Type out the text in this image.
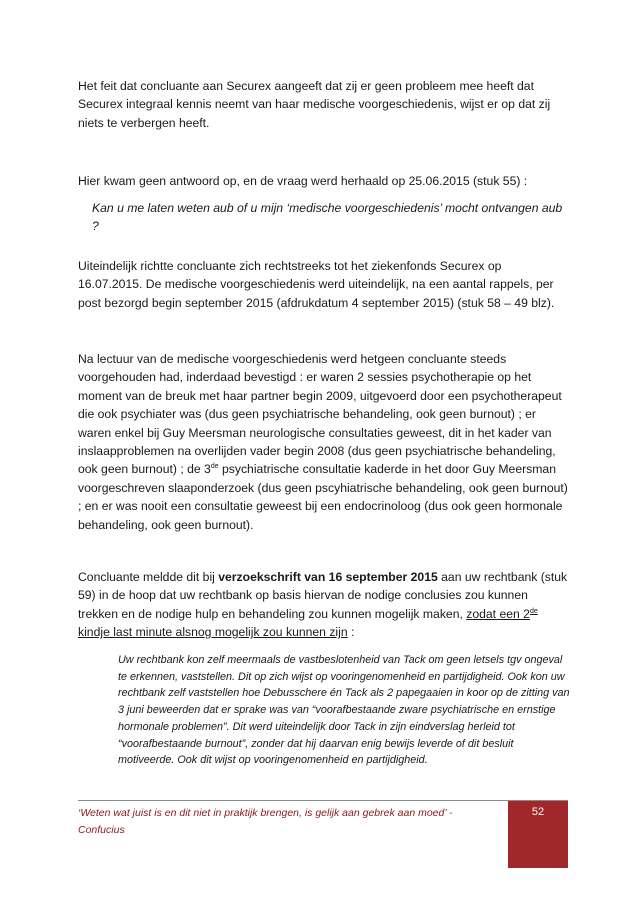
Het feit dat concluante aan Securex aangeeft dat zij er geen probleem mee heeft dat Securex integraal kennis neemt van haar medische voorgeschiedenis, wijst er op dat zij niets te verbergen heeft.

Hier kwam geen antwoord op, en de vraag werd herhaald op 25.06.2015 (stuk 55) :

Kan u me laten weten aub of u mijn ‘medische voorgeschiedenis’ mocht ontvangen aub ?

Uiteindelijk richtte concluante zich rechtstreeks tot het ziekenfonds Securex op 16.07.2015. De medische voorgeschiedenis werd uiteindelijk, na een aantal rappels, per post bezorgd begin september 2015 (afdrukdatum 4 september 2015) (stuk 58 – 49 blz).

Na lectuur van de medische voorgeschiedenis werd hetgeen concluante steeds voorgehouden had, inderdaad bevestigd : er waren 2 sessies psychotherapie op het moment van de breuk met haar partner begin 2009, uitgevoerd door een psychotherapeut die ook psychiater was (dus geen psychiatrische behandeling, ook geen burnout) ; er waren enkel bij Guy Meersman neurologische consultaties geweest, dit in het kader van inslaapproblemen na overlijden vader begin 2008 (dus geen psychiatrische behandeling, ook geen burnout) ; de 3de psychiatrische consultatie kaderde in het door Guy Meersman voorgeschreven slaaponderzoek (dus geen pscyhiatrische behandeling, ook geen burnout) ; en er was nooit een consultatie geweest bij een endocrinoloog (dus ook geen hormonale behandeling, ook geen burnout).

Concluante meldde dit bij verzoekschrift van 16 september 2015 aan uw rechtbank (stuk 59) in de hoop dat uw rechtbank op basis hiervan de nodige conclusies zou kunnen trekken en de nodige hulp en behandeling zou kunnen mogelijk maken, zodat een 2de kindje last minute alsnog mogelijk zou kunnen zijn :

Uw rechtbank kon zelf meermaals de vastbeslotenheid van Tack om geen letsels tgv ongeval te erkennen, vaststellen. Dit op zich wijst op vooringenomenheid en partijdigheid. Ook kon uw rechtbank zelf vaststellen hoe Debusschere én Tack als 2 papegaaien in koor op de zitting van 3 juni beweerden dat er sprake was van “voorafbestaande zware psychiatrische en ernstige hormonale problemen”. Dit werd uiteindelijk door Tack in zijn eindverslag herleid tot “voorafbestaande burnout”, zonder dat hij daarvan enig bewijs leverde of dit besluit motiveerde. Ook dit wijst op vooringenomenheid en partijdigheid.

‘Weten wat juist is en dit niet in praktijk brengen, is gelijk aan gebrek aan moed’ - Confucius

52
